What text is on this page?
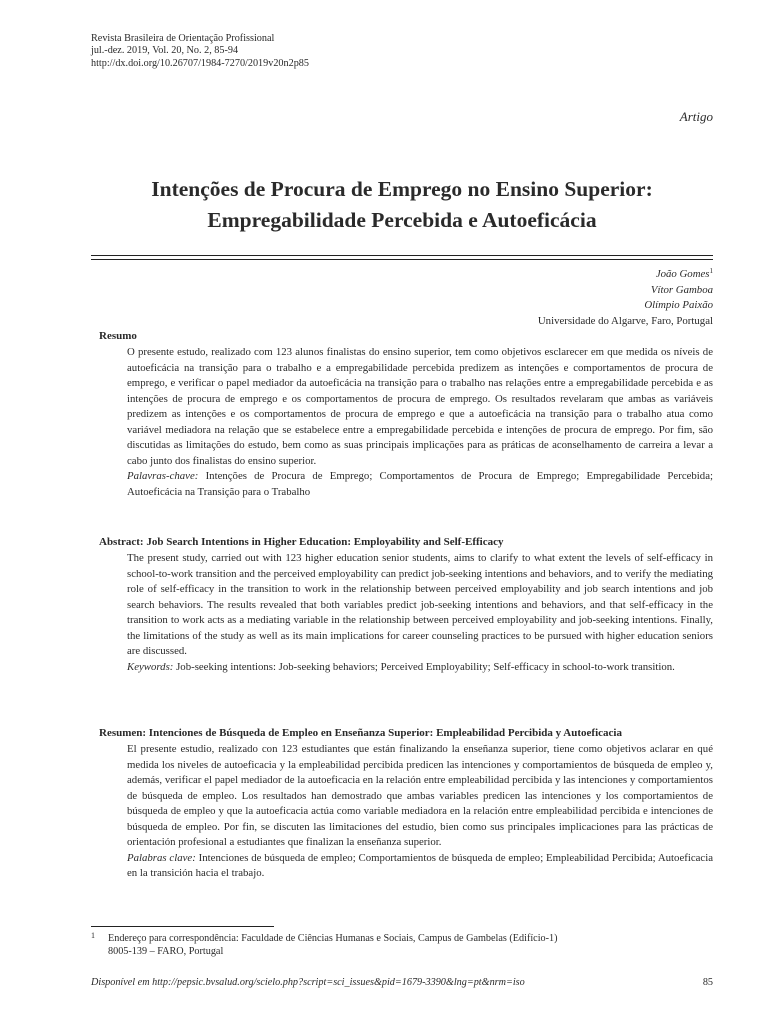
Revista Brasileira de Orientação Profissional
jul.-dez. 2019, Vol. 20, No. 2, 85-94
http://dx.doi.org/10.26707/1984-7270/2019v20n2p85
Artigo
Intenções de Procura de Emprego no Ensino Superior:
Empregabilidade Percebida e Autoeficácia
João Gomes$^1$
Vítor Gamboa
Olímpio Paixão
Universidade do Algarve, Faro, Portugal
Resumo
O presente estudo, realizado com 123 alunos finalistas do ensino superior, tem como objetivos esclarecer em que medida os níveis de autoeficácia na transição para o trabalho e a empregabilidade percebida predizem as intenções e comportamentos de procura de emprego, e verificar o papel mediador da autoeficácia na transição para o trabalho nas relações entre a empregabilidade percebida e as intenções de procura de emprego e os comportamentos de procura de emprego. Os resultados revelaram que ambas as variáveis predizem as intenções e os comportamentos de procura de emprego e que a autoeficácia na transição para o trabalho atua como variável mediadora na relação que se estabelece entre a empregabilidade percebida e intenções de procura de emprego. Por fim, são discutidas as limitações do estudo, bem como as suas principais implicações para as práticas de aconselhamento de carreira a levar a cabo junto dos finalistas do ensino superior.
Palavras-chave: Intenções de Procura de Emprego; Comportamentos de Procura de Emprego; Empregabilidade Percebida; Autoeficácia na Transição para o Trabalho
Abstract: Job Search Intentions in Higher Education: Employability and Self-Efficacy
The present study, carried out with 123 higher education senior students, aims to clarify to what extent the levels of self-efficacy in school-to-work transition and the perceived employability can predict job-seeking intentions and behaviors, and to verify the mediating role of self-efficacy in the transition to work in the relationship between perceived employability and job search intentions and job search behaviors. The results revealed that both variables predict job-seeking intentions and behaviors, and that self-efficacy in the transition to work acts as a mediating variable in the relationship between perceived employability and job-seeking intentions. Finally, the limitations of the study as well as its main implications for career counseling practices to be pursued with higher education seniors are discussed.
Keywords: Job-seeking intentions: Job-seeking behaviors; Perceived Employability; Self-efficacy in school-to-work transition.
Resumen: Intenciones de Búsqueda de Empleo en Enseñanza Superior: Empleabilidad Percibida y Autoeficacia
El presente estudio, realizado con 123 estudiantes que están finalizando la enseñanza superior, tiene como objetivos aclarar en qué medida los niveles de autoeficacia y la empleabilidad percibida predicen las intenciones y comportamientos de búsqueda de empleo y, además, verificar el papel mediador de la autoeficacia en la relación entre empleabilidad percibida y las intenciones y comportamientos de búsqueda de empleo. Los resultados han demostrado que ambas variables predicen las intenciones y los comportamientos de búsqueda de empleo y que la autoeficacia actúa como variable mediadora en la relación entre empleabilidad percibida e intenciones de búsqueda de empleo. Por fin, se discuten las limitaciones del estudio, bien como sus principales implicaciones para las prácticas de orientación profesional a estudiantes que finalizan la enseñanza superior.
Palabras clave: Intenciones de búsqueda de empleo; Comportamientos de búsqueda de empleo; Empleabilidad Percibida; Autoeficacia en la transición hacia el trabajo.
1 Endereço para correspondência: Faculdade de Ciências Humanas e Sociais, Campus de Gambelas (Edifício-1)
8005-139 – FARO, Portugal
Disponível em http://pepsic.bvsalud.org/scielo.php?script=sci_issues&pid=1679-3390&lng=pt&nrm=iso	85
